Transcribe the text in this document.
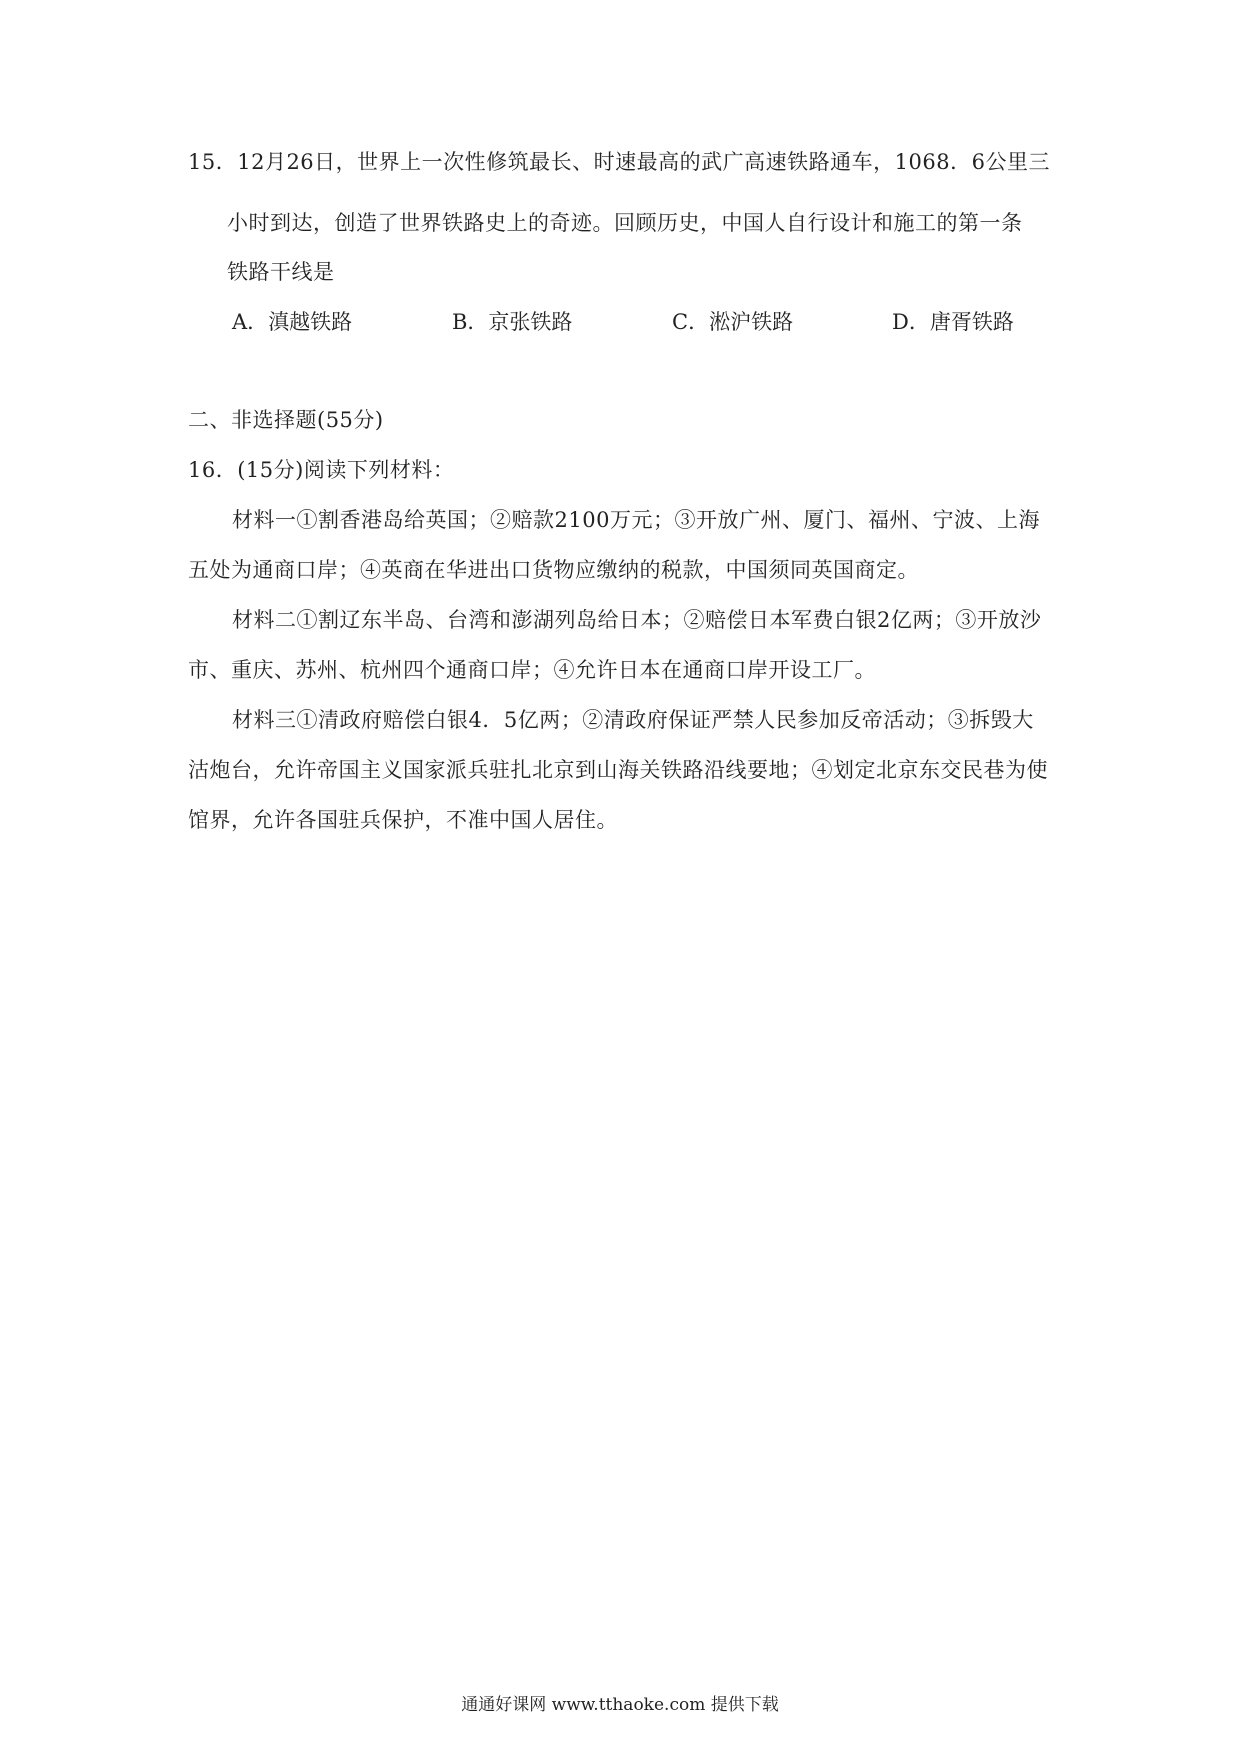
15．12月26日，世界上一次性修筑最长、时速最高的武广高速铁路通车，1068．6公里三
小时到达，创造了世界铁路史上的奇迹。回顾历史，中国人自行设计和施工的第一条
铁路干线是
A．滇越铁路	B．京张铁路	C．淞沪铁路	D．唐胥铁路
二、非选择题(55分)
16．(15分)阅读下列材料：
材料一①割香港岛给英国；②赔款2100万元；③开放广州、厦门、福州、宁波、上海
五处为通商口岸；④英商在华进出口货物应缴纳的税款，中国须同英国商定。
材料二①割辽东半岛、台湾和澎湖列岛给日本；②赔偿日本军费白银2亿两；③开放沙
市、重庆、苏州、杭州四个通商口岸；④允许日本在通商口岸开设工厂。
材料三①清政府赔偿白银4．5亿两；②清政府保证严禁人民参加反帝活动；③拆毁大
沽炮台，允许帝国主义国家派兵驻扎北京到山海关铁路沿线要地；④划定北京东交民巷为使
馆界，允许各国驻兵保护，不准中国人居住。
通通好课网 www.tthaoke.com 提供下载
